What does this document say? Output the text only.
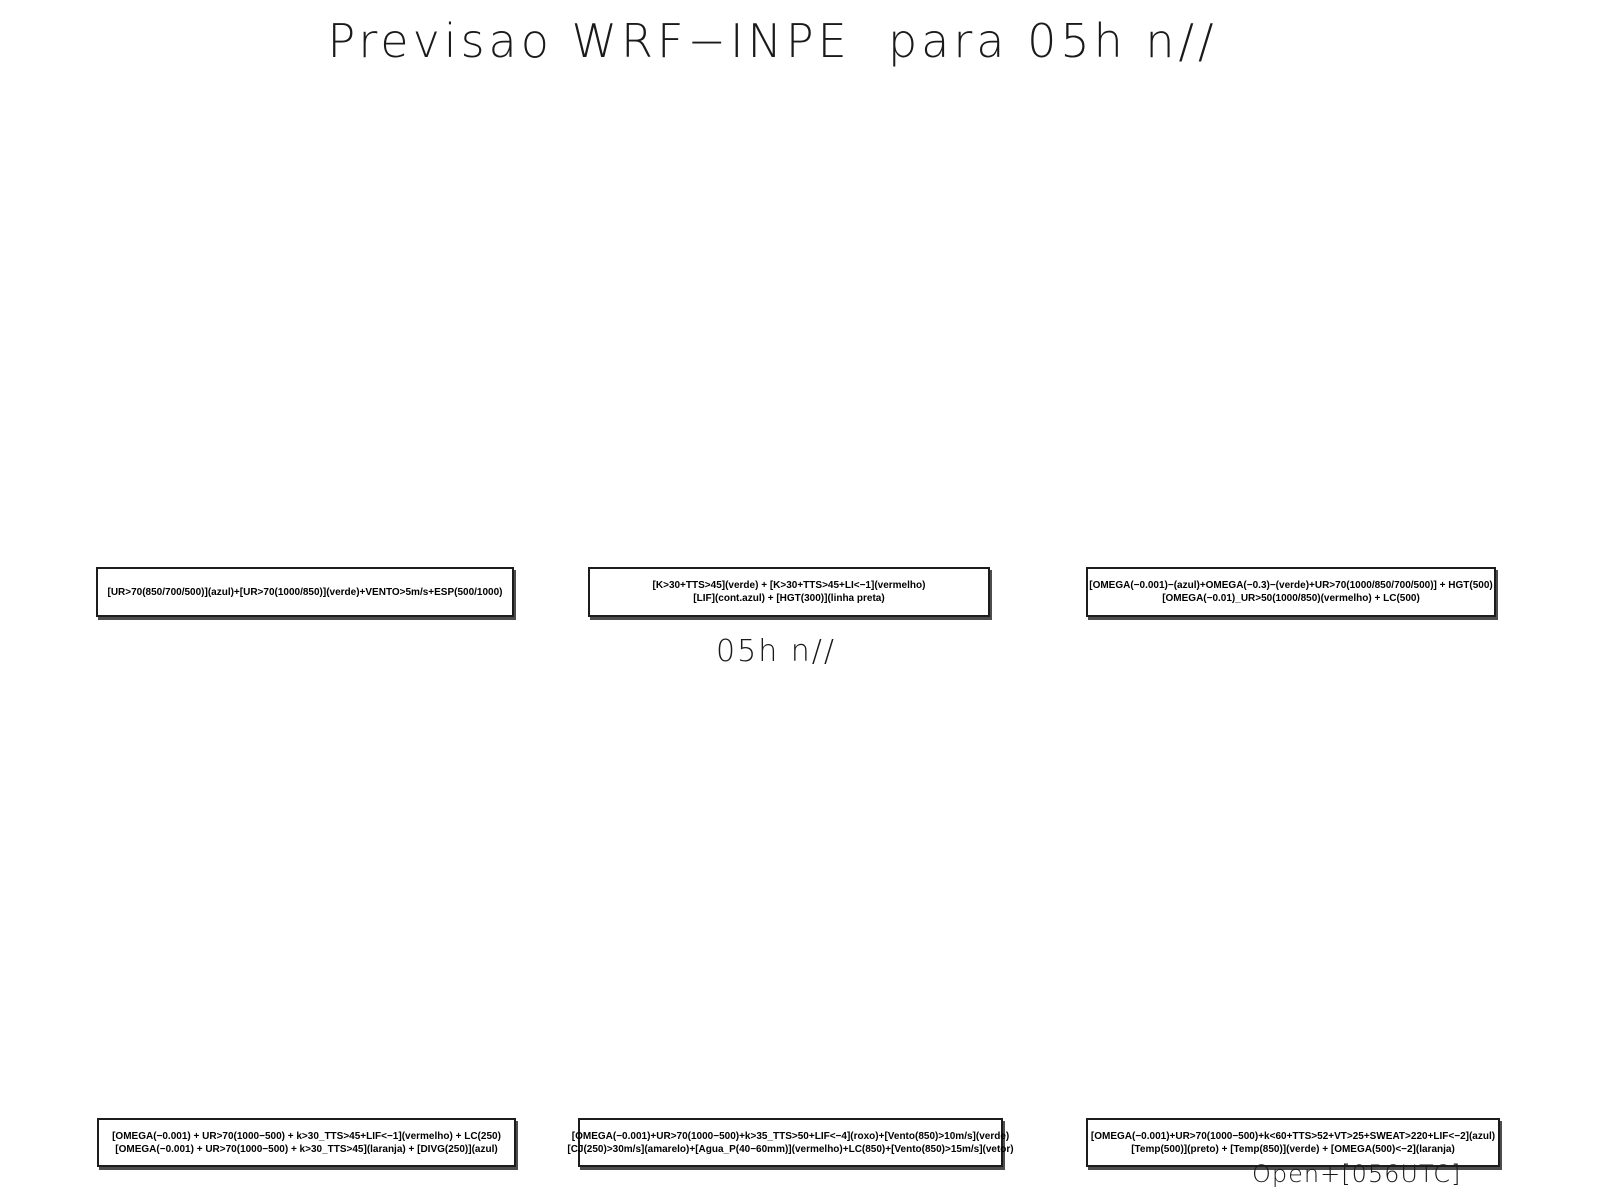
Previsao WRF−INPE  para 05h n//
[UR>70(850/700/500)](azul)+[UR>70(1000/850)](verde)+VENTO>5m/s+ESP(500/1000)
[K>30+TTS>45](verde) + [K>30+TTS>45+LI<−1](vermelho)
[LIF](cont.azul) + [HGT(300)](linha preta)
[OMEGA(−0.001)−(azul)+OMEGA(−0.3)−(verde)+UR>70(1000/850/700/500)] + HGT(500)
[OMEGA(−0.01)_UR>50(1000/850)(vermelho) + LC(500)
05h n//
[OMEGA(−0.001) + UR>70(1000−500) + k>30_TTS>45+LIF<−1](vermelho) + LC(250)
[OMEGA(−0.001) + UR>70(1000−500) + k>30_TTS>45](laranja) + [DIVG(250)](azul)
[OMEGA(−0.001)+UR>70(1000−500)+k>35_TTS>50+LIF<−4](roxo)+[Vento(850)>10m/s](verde)
[CJ(250)>30m/s](amarelo)+[Agua_P(40−60mm)](vermelho)+LC(850)+[Vento(850)>15m/s](vetor)
[OMEGA(−0.001)+UR>70(1000−500)+k<60+TTS>52+VT>25+SWEAT>220+LIF<−2](azul)
[Temp(500)](preto) + [Temp(850)](verde) + [OMEGA(500)<−2](laranja)
Open+[056UTC]
